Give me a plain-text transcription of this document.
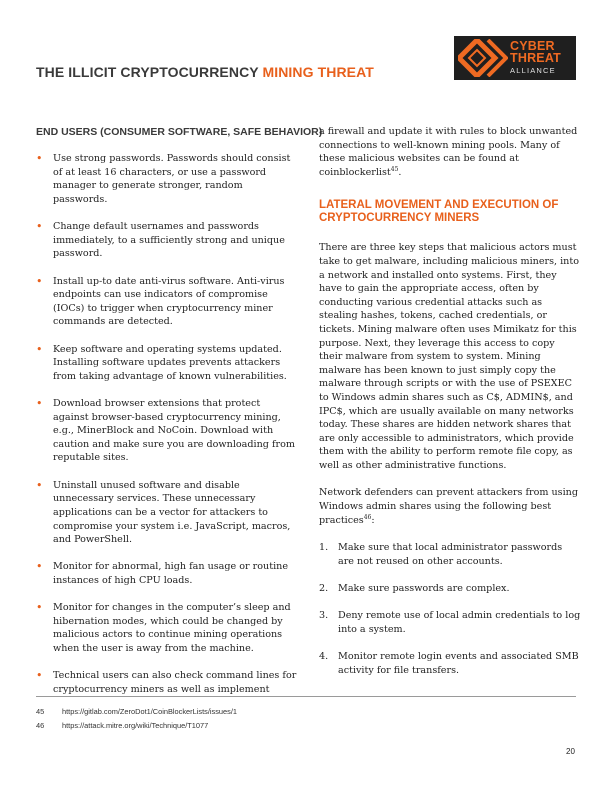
THE ILLICIT CRYPTOCURRENCY MINING THREAT
CYBER
THREAT
ALLIANCE
END USERS (CONSUMER SOFTWARE, SAFE BEHAVIOR)
• Use strong passwords. Passwords should consist of at least 16 characters, or use a password manager to generate stronger, random passwords.
• Change default usernames and passwords immediately, to a sufficiently strong and unique password.
• Install up-to date anti-virus software. Anti-virus endpoints can use indicators of compromise (IOCs) to trigger when cryptocurrency miner commands are detected.
• Keep software and operating systems updated. Installing software updates prevents attackers from taking advantage of known vulnerabilities.
• Download browser extensions that protect against browser-based cryptocurrency mining, e.g., MinerBlock and NoCoin. Download with caution and make sure you are downloading from reputable sites.
• Uninstall unused software and disable unnecessary services. These unnecessary applications can be a vector for attackers to compromise your system i.e. JavaScript, macros, and PowerShell.
• Monitor for abnormal, high fan usage or routine instances of high CPU loads.
• Monitor for changes in the computer’s sleep and hibernation modes, which could be changed by malicious actors to continue mining operations when the user is away from the machine.
• Technical users can also check command lines for cryptocurrency miners as well as implement

a firewall and update it with rules to block unwanted connections to well-known mining pools. Many of these malicious websites can be found at coinblockerlist$^{45}$.

LATERAL MOVEMENT AND EXECUTION OF CRYPTOCURRENCY MINERS

There are three key steps that malicious actors must take to get malware, including malicious miners, into a network and installed onto systems. First, they have to gain the appropriate access, often by conducting various credential attacks such as stealing hashes, tokens, cached credentials, or tickets. Mining malware often uses Mimikatz for this purpose. Next, they leverage this access to copy their malware from system to system. Mining malware has been known to just simply copy the malware through scripts or with the use of PSEXEC to Windows admin shares such as C$, ADMIN$, and IPC$, which are usually available on many networks today. These shares are hidden network shares that are only accessible to administrators, which provide them with the ability to perform remote file copy, as well as other administrative functions.

Network defenders can prevent attackers from using Windows admin shares using the following best practices$^{46}$:

1. Make sure that local administrator passwords are not reused on other accounts.
2. Make sure passwords are complex.
3. Deny remote use of local admin credentials to log into a system.
4. Monitor remote login events and associated SMB activity for file transfers.
45 https://gitlab.com/ZeroDot1/CoinBlockerLists/issues/1
46 https://attack.mitre.org/wiki/Technique/T1077
20
